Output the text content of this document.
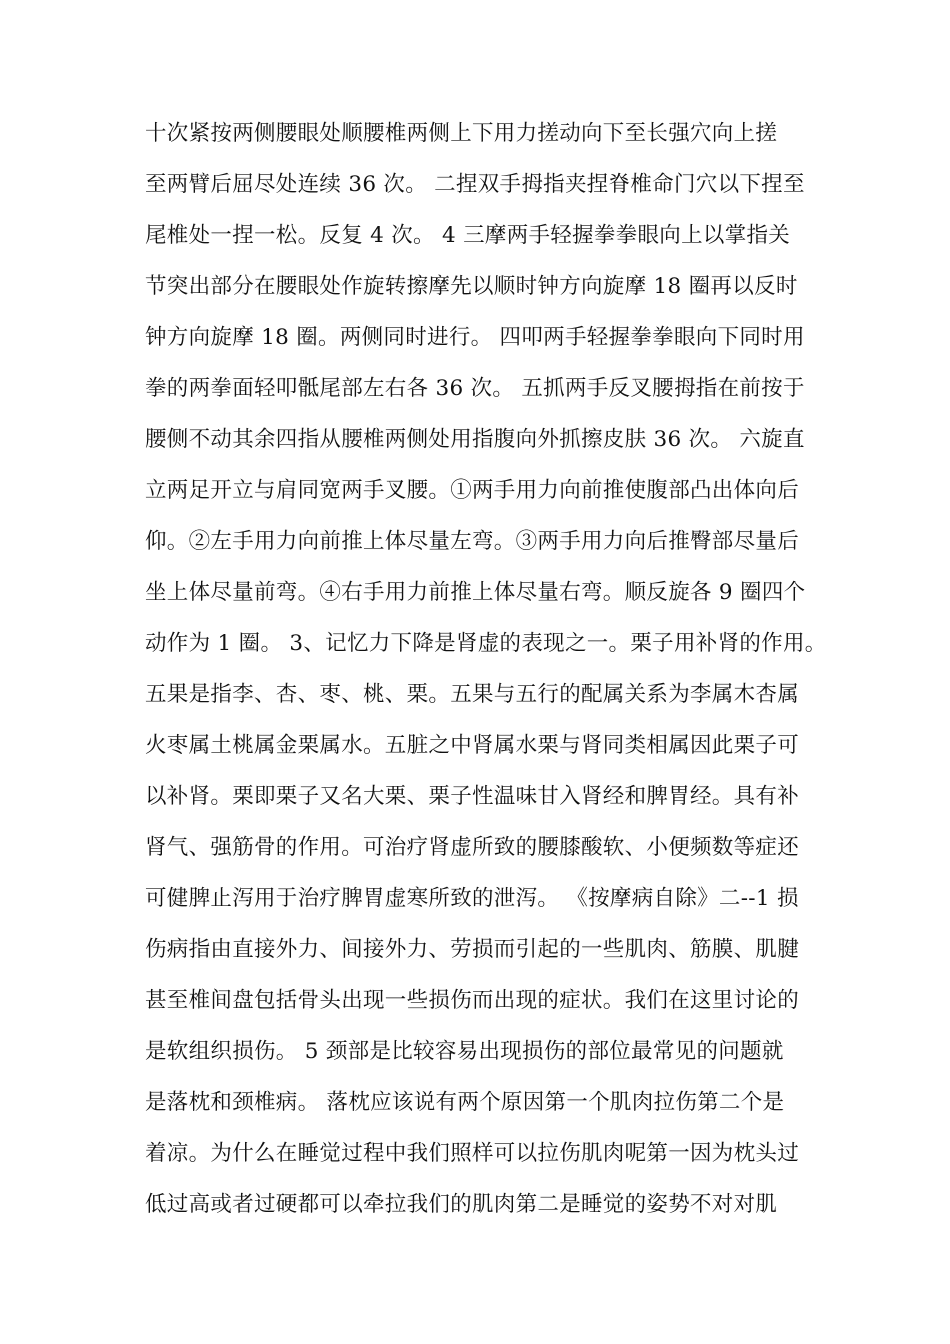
十次紧按两侧腰眼处顺腰椎两侧上下用力搓动向下至长强穴向上搓
至两臂后屈尽处连续 36 次。 二捏双手拇指夹捏脊椎命门穴以下捏至
尾椎处一捏一松。反复 4 次。 4 三摩两手轻握拳拳眼向上以掌指关
节突出部分在腰眼处作旋转擦摩先以顺时钟方向旋摩 18 圈再以反时
钟方向旋摩 18 圈。两侧同时进行。 四叩两手轻握拳拳眼向下同时用
拳的两拳面轻叩骶尾部左右各 36 次。 五抓两手反叉腰拇指在前按于
腰侧不动其余四指从腰椎两侧处用指腹向外抓擦皮肤 36 次。 六旋直
立两足开立与肩同宽两手叉腰。①两手用力向前推使腹部凸出体向后
仰。②左手用力向前推上体尽量左弯。③两手用力向后推臀部尽量后
坐上体尽量前弯。④右手用力前推上体尽量右弯。顺反旋各 9 圈四个
动作为 1 圈。 3、记忆力下降是肾虚的表现之一。栗子用补肾的作用。
五果是指李、杏、枣、桃、栗。五果与五行的配属关系为李属木杏属
火枣属土桃属金栗属水。五脏之中肾属水栗与肾同类相属因此栗子可
以补肾。栗即栗子又名大栗、栗子性温味甘入肾经和脾胃经。具有补
肾气、强筋骨的作用。可治疗肾虚所致的腰膝酸软、小便频数等症还
可健脾止泻用于治疗脾胃虚寒所致的泄泻。 《按摩病自除》二--1 损
伤病指由直接外力、间接外力、劳损而引起的一些肌肉、筋膜、肌腱
甚至椎间盘包括骨头出现一些损伤而出现的症状。我们在这里讨论的
是软组织损伤。 5 颈部是比较容易出现损伤的部位最常见的问题就
是落枕和颈椎病。 落枕应该说有两个原因第一个肌肉拉伤第二个是
着凉。为什么在睡觉过程中我们照样可以拉伤肌肉呢第一因为枕头过
低过高或者过硬都可以牵拉我们的肌肉第二是睡觉的姿势不对对肌
